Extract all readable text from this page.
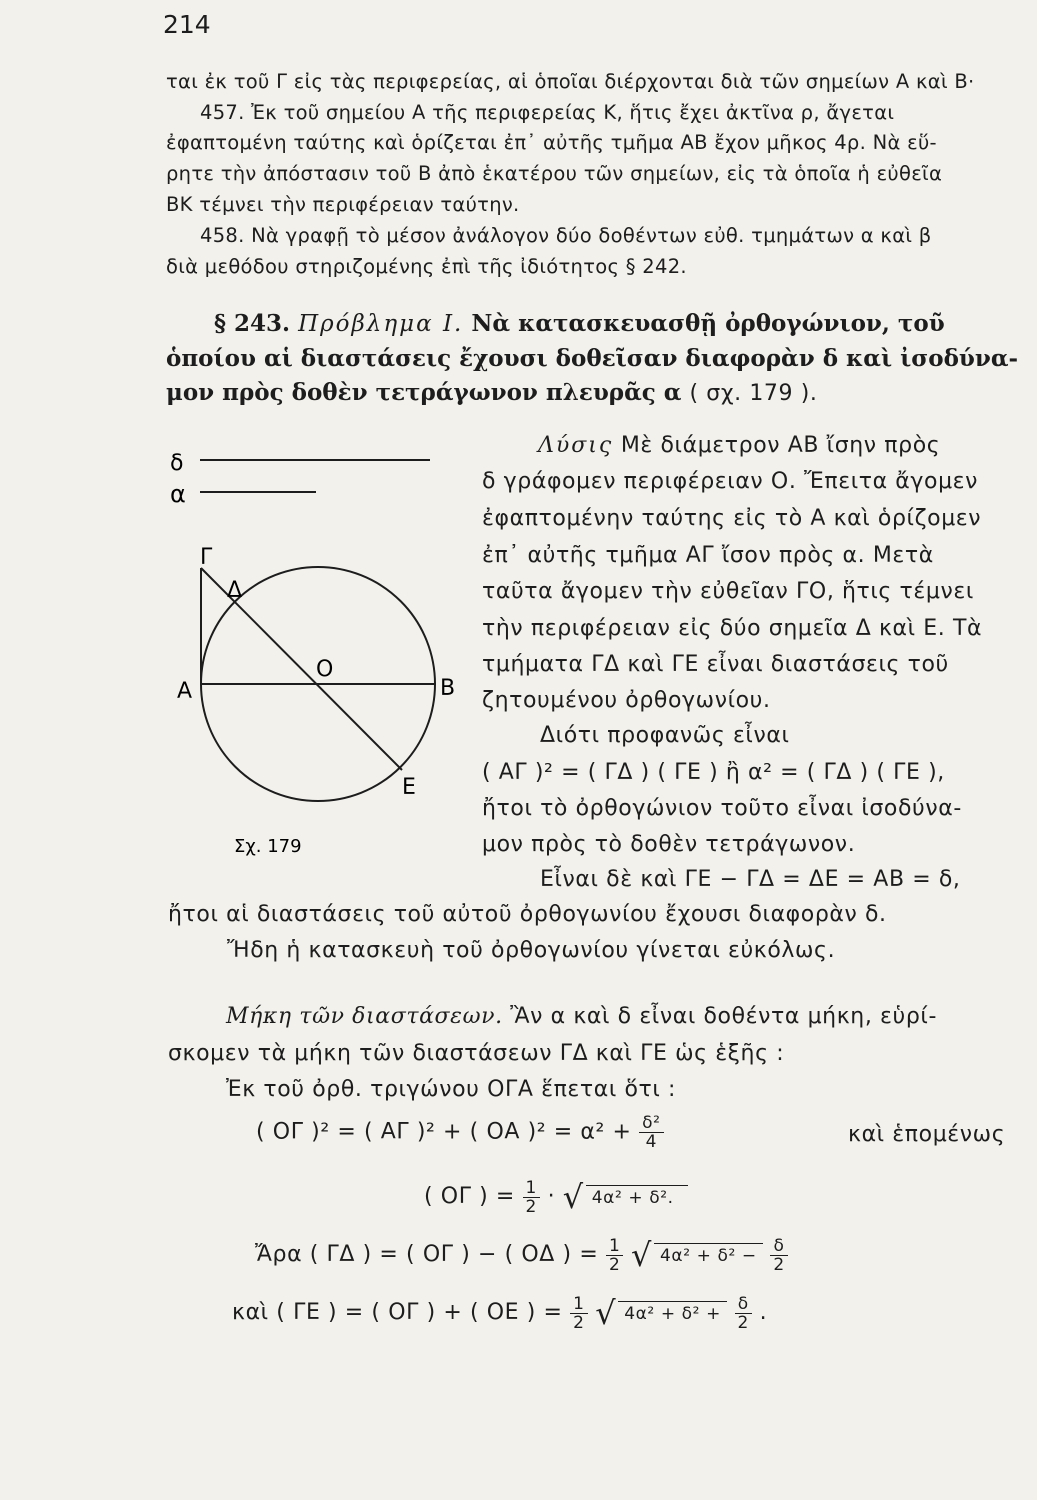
214
ται ἐκ τοῦ Γ εἰς τὰς περιφερείας, αἱ ὁποῖαι διέρχονται διὰ τῶν σημείων Α καὶ Β·
457. Ἐκ τοῦ σημείου Α τῆς περιφερείας Κ, ἥτις ἔχει ἀκτῖνα ρ, ἄγεται
ἐφαπτομένη ταύτης καὶ ὁρίζεται ἐπ᾽ αὐτῆς τμῆμα ΑΒ ἔχον μῆκος 4ρ. Νὰ εὕ-
ρητε τὴν ἀπόστασιν τοῦ Β ἀπὸ ἑκατέρου τῶν σημείων, εἰς τὰ ὁποῖα ἡ εὐθεῖα
ΒΚ τέμνει τὴν περιφέρειαν ταύτην.
458. Νὰ γραφῇ τὸ μέσον ἀνάλογον δύο δοθέντων εὐθ. τμημάτων α καὶ β
διὰ μεθόδου στηριζομένης ἐπὶ τῆς ἰδιότητος § 242.
§ 243. Πρόβλημα Ι. Νὰ κατασκευασθῇ ὀρθογώνιον, τοῦ
ὁποίου αἱ διαστάσεις ἔχουσι δοθεῖσαν διαφορὰν δ καὶ ἰσοδύνα-
μον πρὸς δοθὲν τετράγωνον πλευρᾶς α ( σχ. 179 ).
δ
α
Γ
Δ
Α
Ο
Β
Ε
Σχ. 179
Λύσις Μὲ διάμετρον ΑΒ ἴσην πρὸς
δ γράφομεν περιφέρειαν Ο. Ἔπειτα ἄγομεν
ἐφαπτομένην ταύτης εἰς τὸ Α καὶ ὁρίζομεν
ἐπ᾽ αὐτῆς τμῆμα ΑΓ ἴσον πρὸς α. Μετὰ
ταῦτα ἄγομεν τὴν εὐθεῖαν ΓΟ, ἥτις τέμνει
τὴν περιφέρειαν εἰς δύο σημεῖα Δ καὶ Ε. Τὰ
τμήματα ΓΔ καὶ ΓΕ εἶναι διαστάσεις τοῦ
ζητουμένου ὀρθογωνίου.
Διότι προφανῶς εἶναι
( ΑΓ )² = ( ΓΔ ) ( ΓΕ ) ἢ α² = ( ΓΔ ) ( ΓΕ ),
ἤτοι τὸ ὀρθογώνιον τοῦτο εἶναι ἰσοδύνα-
μον πρὸς τὸ δοθὲν τετράγωνον.
Εἶναι δὲ καὶ ΓΕ − ΓΔ = ΔΕ = ΑΒ = δ,
ἤτοι αἱ διαστάσεις τοῦ αὐτοῦ ὀρθογωνίου ἔχουσι διαφορὰν δ.
Ἤδη ἡ κατασκευὴ τοῦ ὀρθογωνίου γίνεται εὐκόλως.
Μήκη τῶν διαστάσεων. Ἂν α καὶ δ εἶναι δοθέντα μήκη, εὑρί-
σκομεν τὰ μήκη τῶν διαστάσεων ΓΔ καὶ ΓΕ ὡς ἑξῆς :
Ἐκ τοῦ ὀρθ. τριγώνου ΟΓΑ ἕπεται ὅτι :
( ΟΓ )² = ( ΑΓ )² + ( ΟΑ )$^2 = \alpha^2 + \frac{\text{δ²}}{4}$	καὶ ἑπομένως
( ΟΓ ) = $\frac{1}{2}$ · √ 4α² + δ².
Ἄρα ( ΓΔ ) = ( ΟΓ ) − ( ΟΔ ) = $\frac{1}{2}$ √ $4\alpha^2 + \delta^2 - \frac{\delta}{2}$
καὶ ( ΓΕ ) = ( ΟΓ ) + ( ΟΕ ) = $\frac{1}{2}$ √ $4\alpha^2 + \delta^2 + \frac{\delta}{2}$ .
